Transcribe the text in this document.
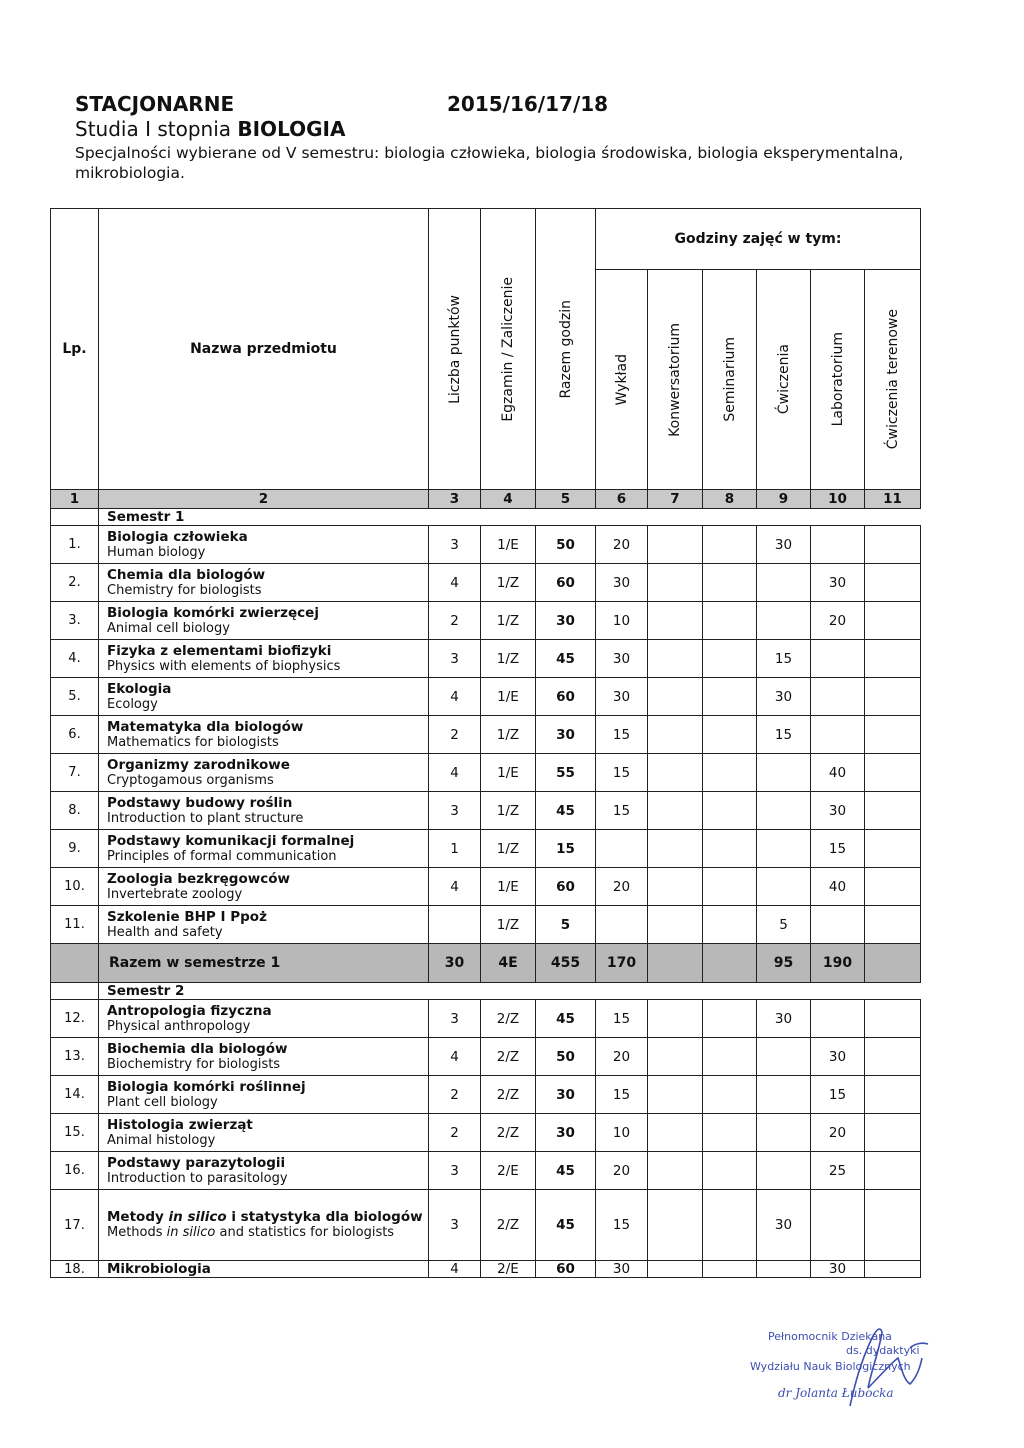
STACJONARNE	2015/16/17/18
Studia I stopnia BIOLOGIA
Specjalności wybierane od V semestru: biologia człowieka, biologia środowiska, biologia eksperymentalna, mikrobiologia.
Lp.	Nazwa przedmiotu	Liczba punktów	Egzamin / Zaliczenie	Razem godzin	Godziny zajęć w tym:					

					Wykład	Konwersatorium	Seminarium	Ćwiczenia	Laboratorium	Ćwiczenia terenowe

1	2	3	4	5	6	7	8	9	10	11
	Semestr 1									
1.	Biologia człowieka
Human biology	3	1/E	50	20			30		
2.	Chemia dla biologów
Chemistry for biologists	4	1/Z	60	30				30	
3.	Biologia komórki zwierzęcej
Animal cell biology	2	1/Z	30	10				20	
4.	Fizyka z elementami biofizyki
Physics with elements of biophysics	3	1/Z	45	30			15		
5.	Ekologia
Ecology	4	1/E	60	30			30		
6.	Matematyka dla biologów
Mathematics for biologists	2	1/Z	30	15			15		
7.	Organizmy zarodnikowe
Cryptogamous organisms	4	1/E	55	15				40	
8.	Podstawy budowy roślin
Introduction to plant structure	3	1/Z	45	15				30	
9.	Podstawy komunikacji formalnej
Principles of formal communication	1	1/Z	15					15	
10.	Zoologia bezkręgowców
Invertebrate zoology	4	1/E	60	20				40	
11.	Szkolenie BHP I Ppoż
Health and safety		1/Z	5				5		
	Razem w semestrze 1	30	4E	455	170			95	190	
	Semestr 2									
12.	Antropologia fizyczna
Physical anthropology	3	2/Z	45	15			30		
13.	Biochemia dla biologów
Biochemistry for biologists	4	2/Z	50	20				30	
14.	Biologia komórki roślinnej
Plant cell biology	2	2/Z	30	15				15	
15.	Histologia zwierząt
Animal histology	2	2/Z	30	10				20	
16.	Podstawy parazytologii
Introduction to parasitology	3	2/E	45	20				25	
17.	Metody in silico i statystyka dla biologów
Methods in silico and statistics for biologists	3	2/Z	45	15			30		
18.	Mikrobiologia	4	2/E	60	30				30	
Pełnomocnik Dziekana
ds. dydaktyki
Wydziału Nauk Biologicznych
dr Jolanta Łubocka
